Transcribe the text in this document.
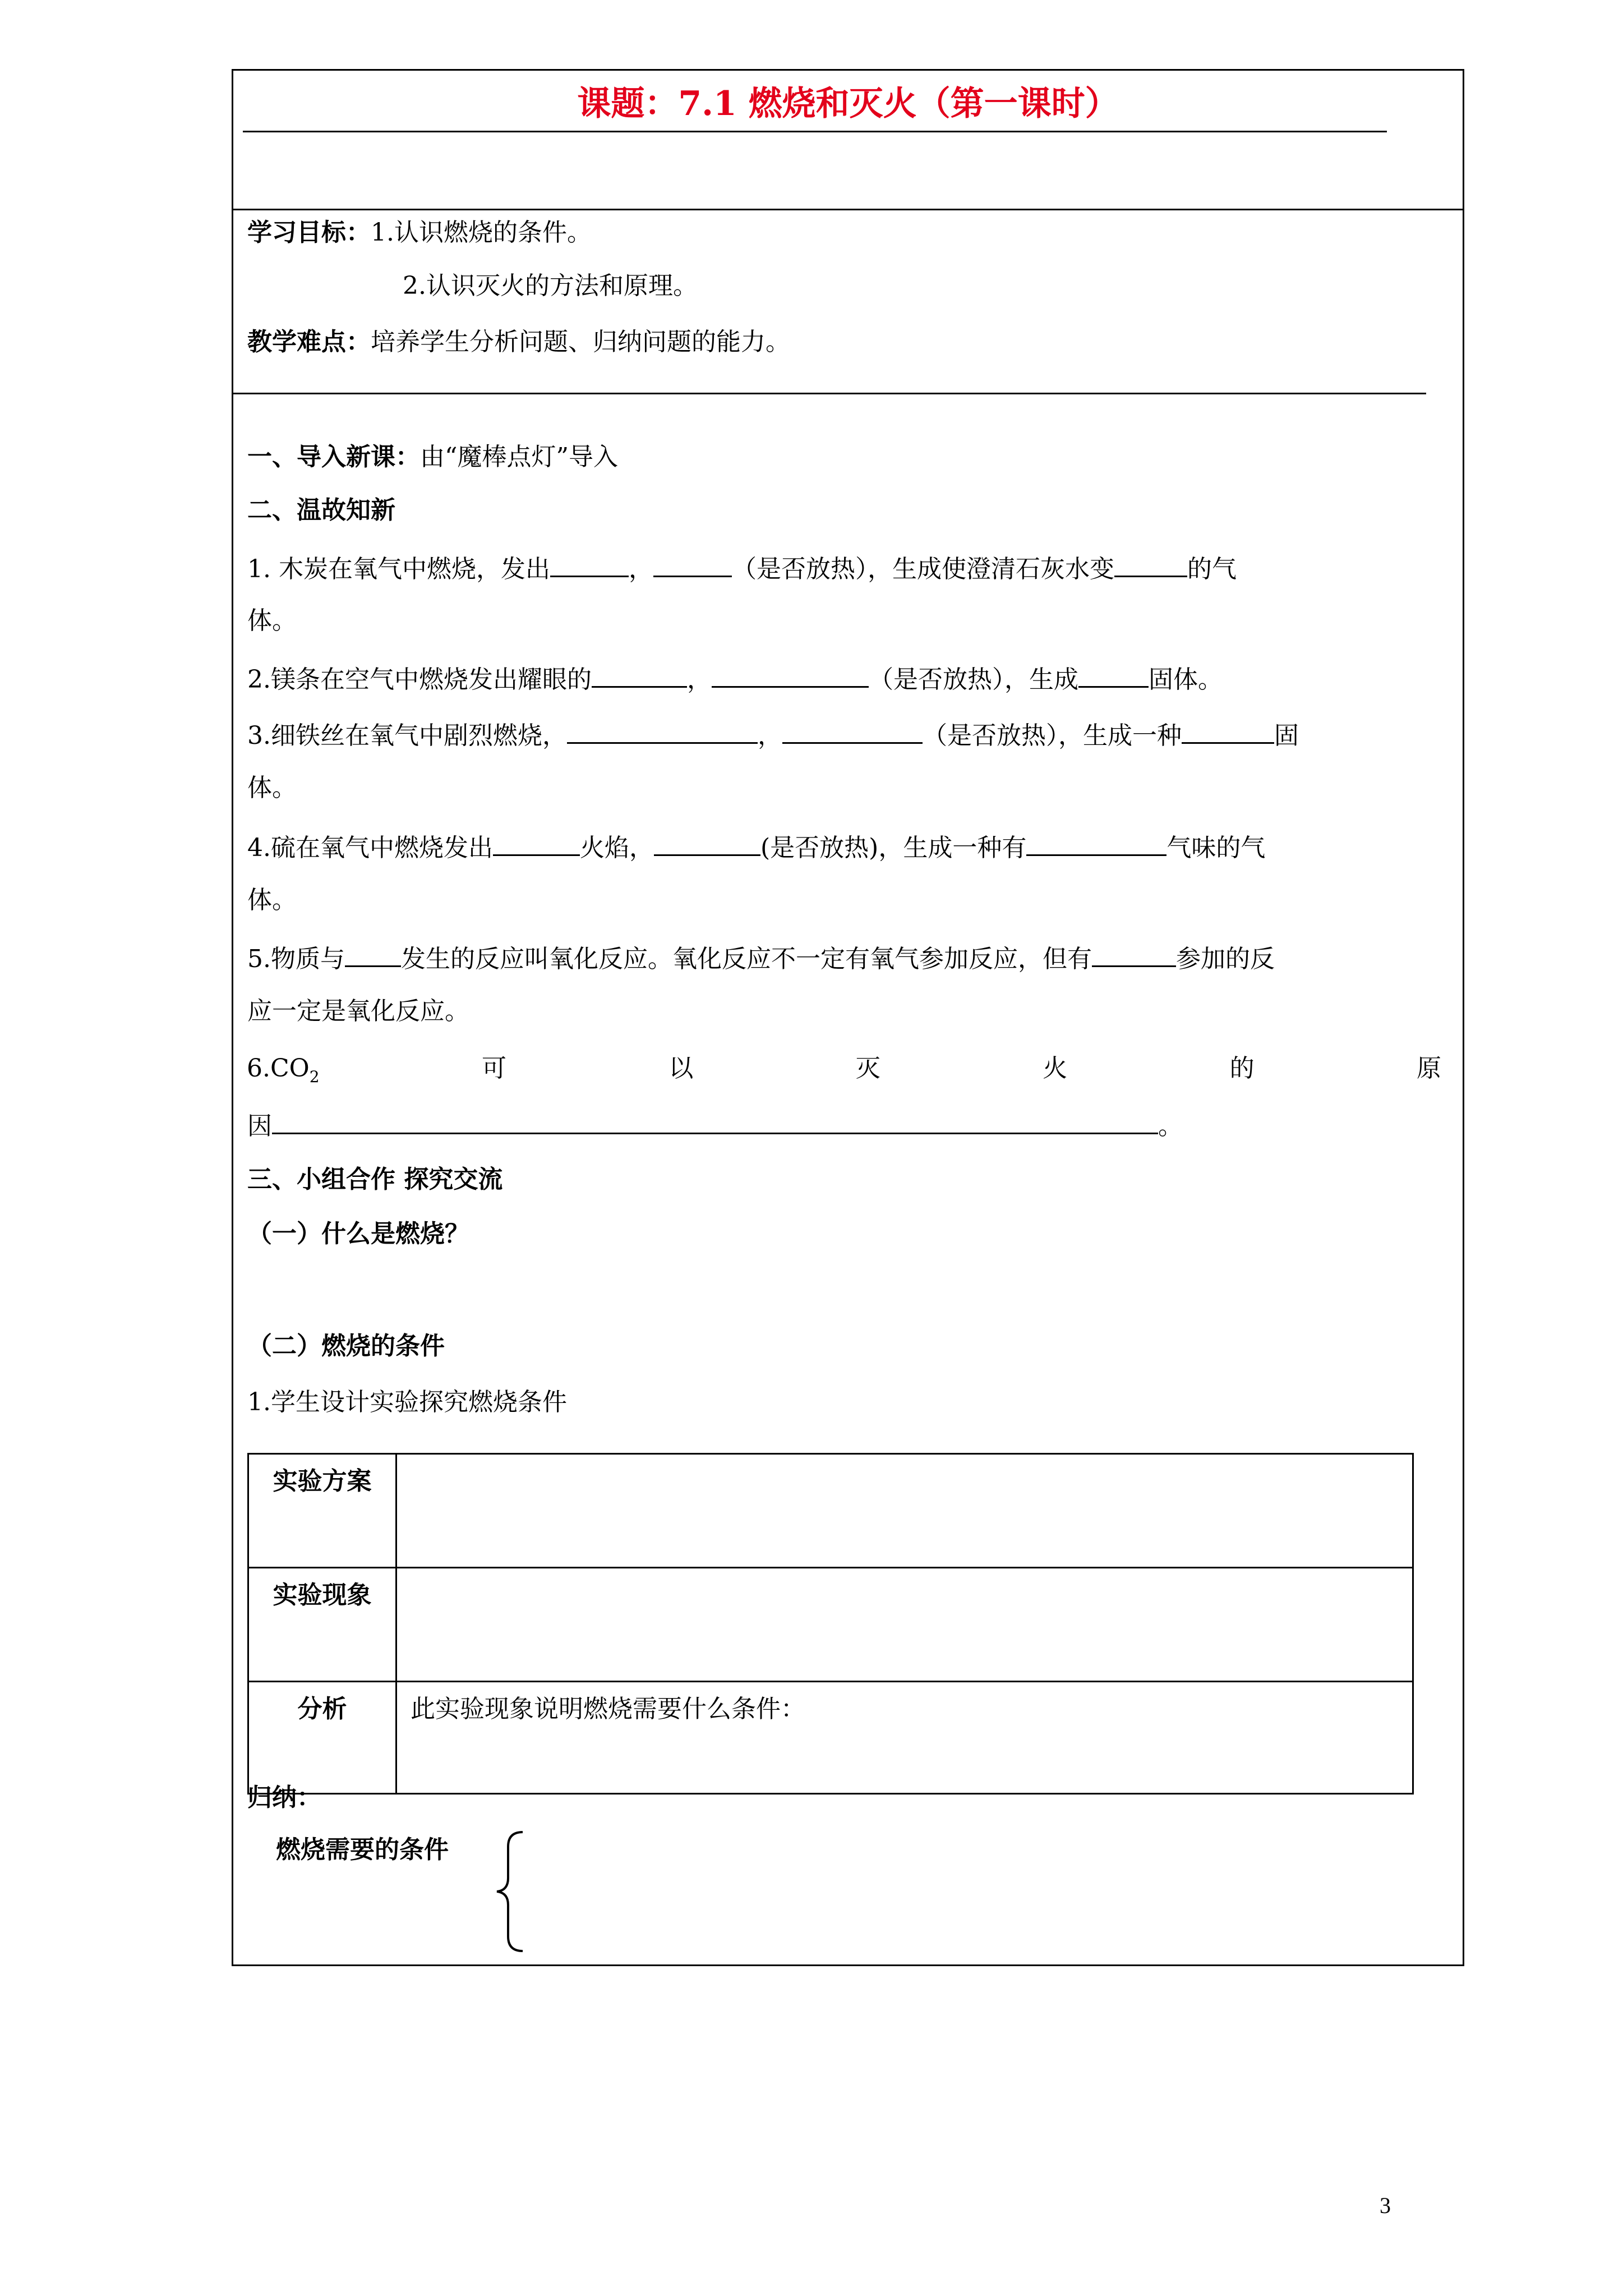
课题：7.1 燃烧和灭火（第一课时）
学习目标：1.认识燃烧的条件。
2.认识灭火的方法和原理。
教学难点：培养学生分析问题、归纳问题的能力。
一、导入新课：由“魔棒点灯”导入
二、温故知新
1. 木炭在氧气中燃烧，发出	，	（是否放热），生成使澄清石灰水变	的气
体。
2.镁条在空气中燃烧发出耀眼的	，	（是否放热），生成	固体。
3.细铁丝在氧气中剧烈燃烧，	，	（是否放热），生成一种	固
体。
4.硫在氧气中燃烧发出	火焰，	(是否放热)，生成一种有	气味的气
体。
5.物质与 发生的反应叫氧化反应。氧化反应不一定有氧气参加反应，但有	参加的反
应一定是氧化反应。
$6.CO_2$	可	以	灭	火	的	原
因	。
三、小组合作 探究交流
（一）什么是燃烧？
（二）燃烧的条件
1.学生设计实验探究燃烧条件
实验方案	
实验现象	
分析	此实验现象说明燃烧需要什么条件：
归纳：
燃烧需要的条件
3
